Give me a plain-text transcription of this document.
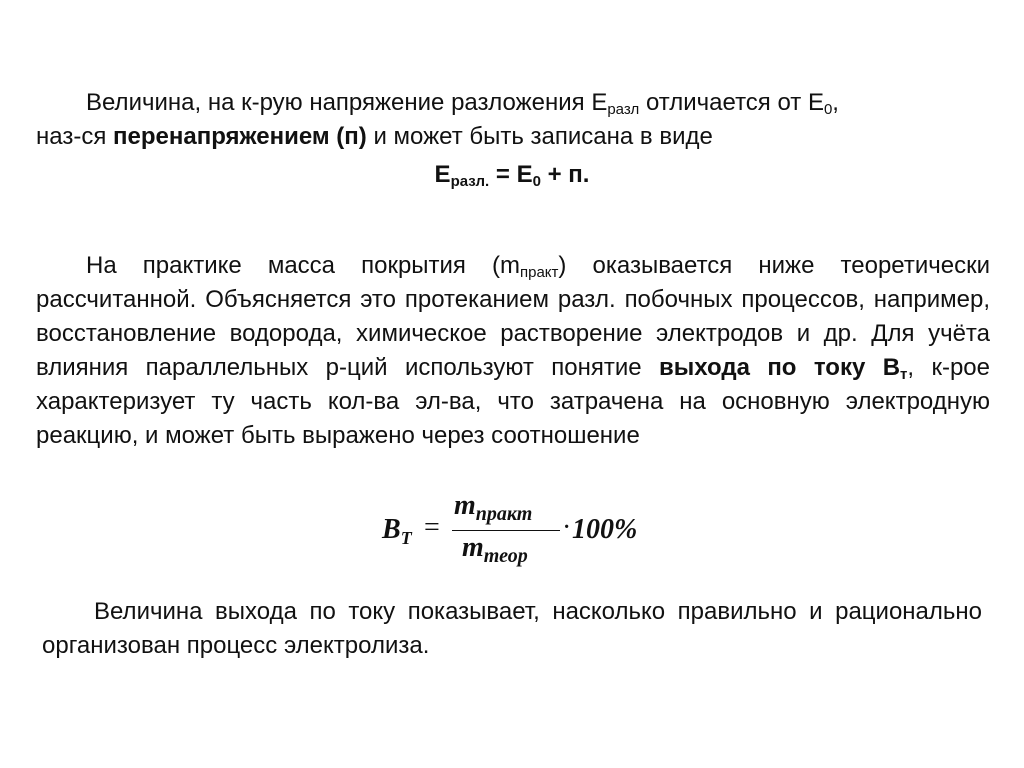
Величина, на к-рую напряжение разложения $Е_{разл}$ отличается от $Е_0$,
наз-ся перенапряжением (п) и может быть записана в виде

$Е_{разл.} = Е_0 + п$.

На практике масса покрытия $(m_{практ})$ оказывается ниже теоретически рассчитанной. Объясняется это протеканием разл. побочных процессов, например, восстановление водорода, химическое растворение электродов и др. Для учёта влияния параллельных р-ций используют понятие выхода по току $В_т$, к-рое характеризует ту часть кол-ва эл-ва, что затрачена на основную электродную реакцию, и может быть выражено через соотношение

$B_T$ =
$m_{практ}$
$m_{теор}$
· 100%

Величина выхода по току показывает, насколько правильно и рационально организован процесс электролиза.
